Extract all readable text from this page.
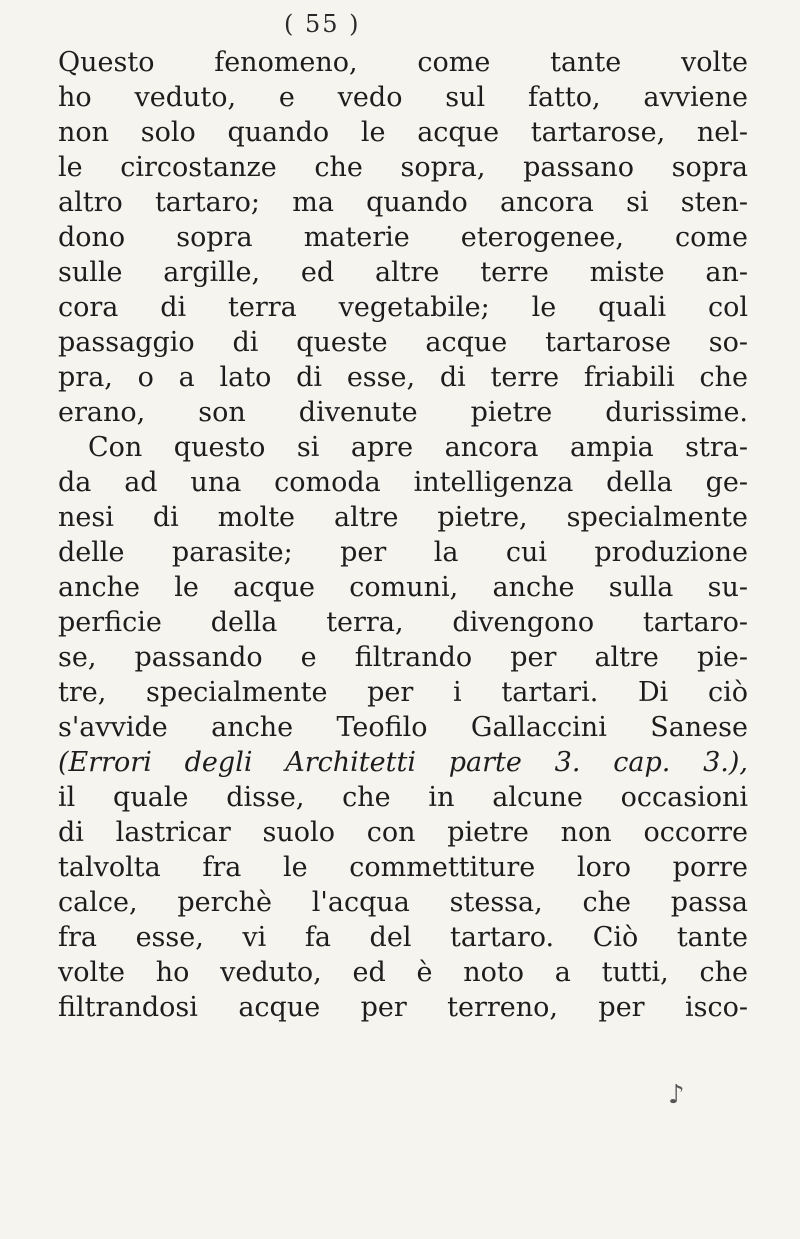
( 55 )
Questo fenomeno, come tante volte
ho veduto, e vedo sul fatto, avviene
non solo quando le acque tartarose, nel-
le circostanze che sopra, passano sopra
altro tartaro; ma quando ancora si sten-
dono sopra materie eterogenee, come
sulle argille, ed altre terre miste an-
cora di terra vegetabile; le quali col
passaggio di queste acque tartarose so-
pra, o a lato di esse, di terre friabili che
erano, son divenute pietre durissime.
Con questo si apre ancora ampia stra-
da ad una comoda intelligenza della ge-
nesi di molte altre pietre, specialmente
delle parasite; per la cui produzione
anche le acque comuni, anche sulla su-
perficie della terra, divengono tartaro-
se, passando e filtrando per altre pie-
tre, specialmente per i tartari. Di ciò
s'avvide anche Teofilo Gallaccini Sanese
(Errori degli Architetti parte 3. cap. 3.),
il quale disse, che in alcune occasioni
di lastricar suolo con pietre non occorre
talvolta fra le commettiture loro porre
calce, perchè l'acqua stessa, che passa
fra esse, vi fa del tartaro. Ciò tante
volte ho veduto, ed è noto a tutti, che
filtrandosi acque per terreno, per isco-
♪
